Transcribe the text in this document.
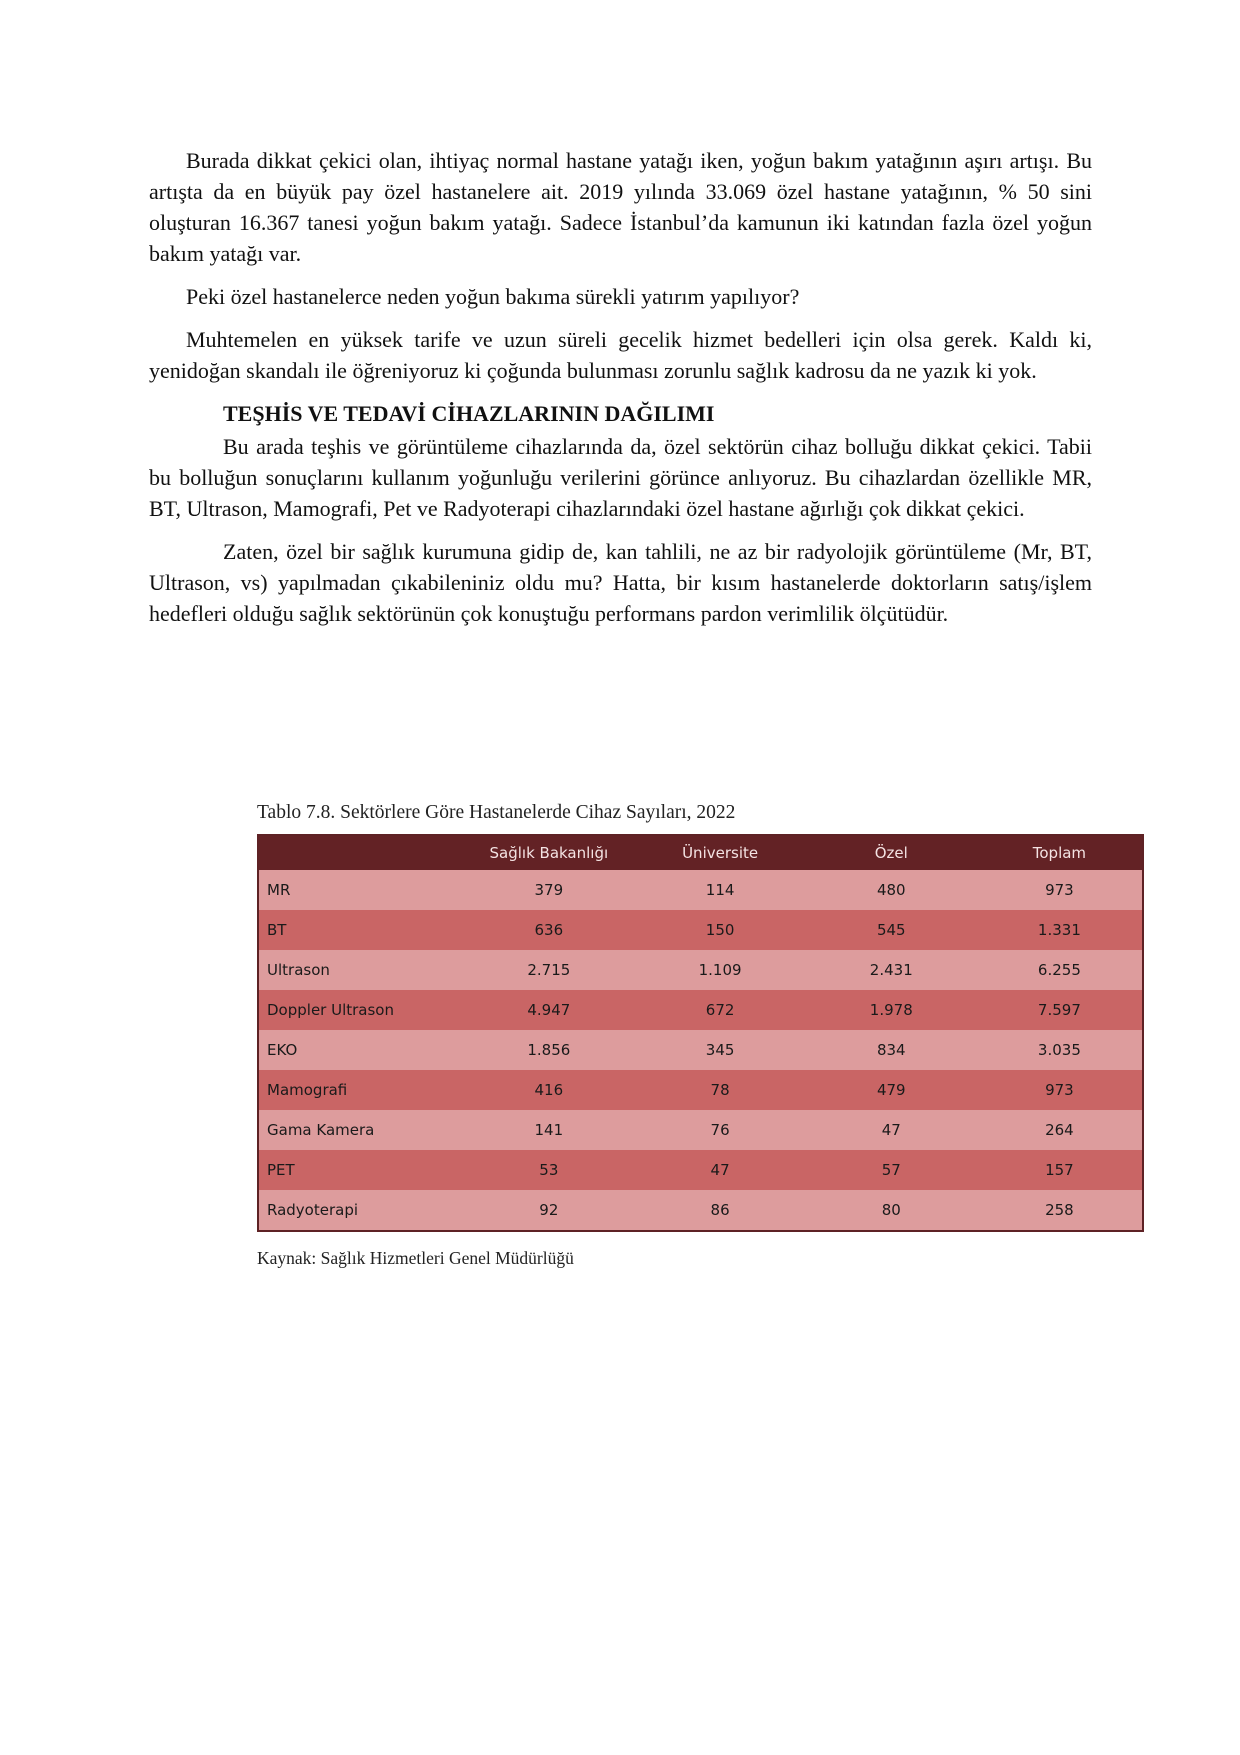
Burada dikkat çekici olan, ihtiyaç normal hastane yatağı iken, yoğun bakım yatağının aşırı artışı. Bu artışta da en büyük pay özel hastanelere ait. 2019 yılında 33.069 özel hastane yatağının, % 50 sini oluşturan 16.367 tanesi yoğun bakım yatağı. Sadece İstanbul’da kamunun iki katından fazla özel yoğun bakım yatağı var.

Peki özel hastanelerce neden yoğun bakıma sürekli yatırım yapılıyor?

Muhtemelen en yüksek tarife ve uzun süreli gecelik hizmet bedelleri için olsa gerek. Kaldı ki, yenidoğan skandalı ile öğreniyoruz ki çoğunda bulunması zorunlu sağlık kadrosu da ne yazık ki yok.

TEŞHİS VE TEDAVİ CİHAZLARININ DAĞILIMI

Bu arada teşhis ve görüntüleme cihazlarında da, özel sektörün cihaz bolluğu dikkat çekici. Tabii bu bolluğun sonuçlarını kullanım yoğunluğu verilerini görünce anlıyoruz. Bu cihazlardan özellikle MR, BT, Ultrason, Mamografi, Pet ve Radyoterapi cihazlarındaki özel hastane ağırlığı çok dikkat çekici.

Zaten, özel bir sağlık kurumuna gidip de, kan tahlili, ne az bir radyolojik görüntüleme (Mr, BT, Ultrason, vs) yapılmadan çıkabileniniz oldu mu? Hatta, bir kısım hastanelerde doktorların satış/işlem hedefleri olduğu sağlık sektörünün çok konuştuğu performans pardon verimlilik ölçütüdür.

Tablo 7.8. Sektörlere Göre Hastanelerde Cihaz Sayıları, 2022
	Sağlık Bakanlığı	Üniversite	Özel	Toplam
MR	379	114	480	973
BT	636	150	545	1.331
Ultrason	2.715	1.109	2.431	6.255
Doppler Ultrason	4.947	672	1.978	7.597
EKO	1.856	345	834	3.035
Mamografi	416	78	479	973
Gama Kamera	141	76	47	264
PET	53	47	57	157
Radyoterapi	92	86	80	258
Kaynak: Sağlık Hizmetleri Genel Müdürlüğü
